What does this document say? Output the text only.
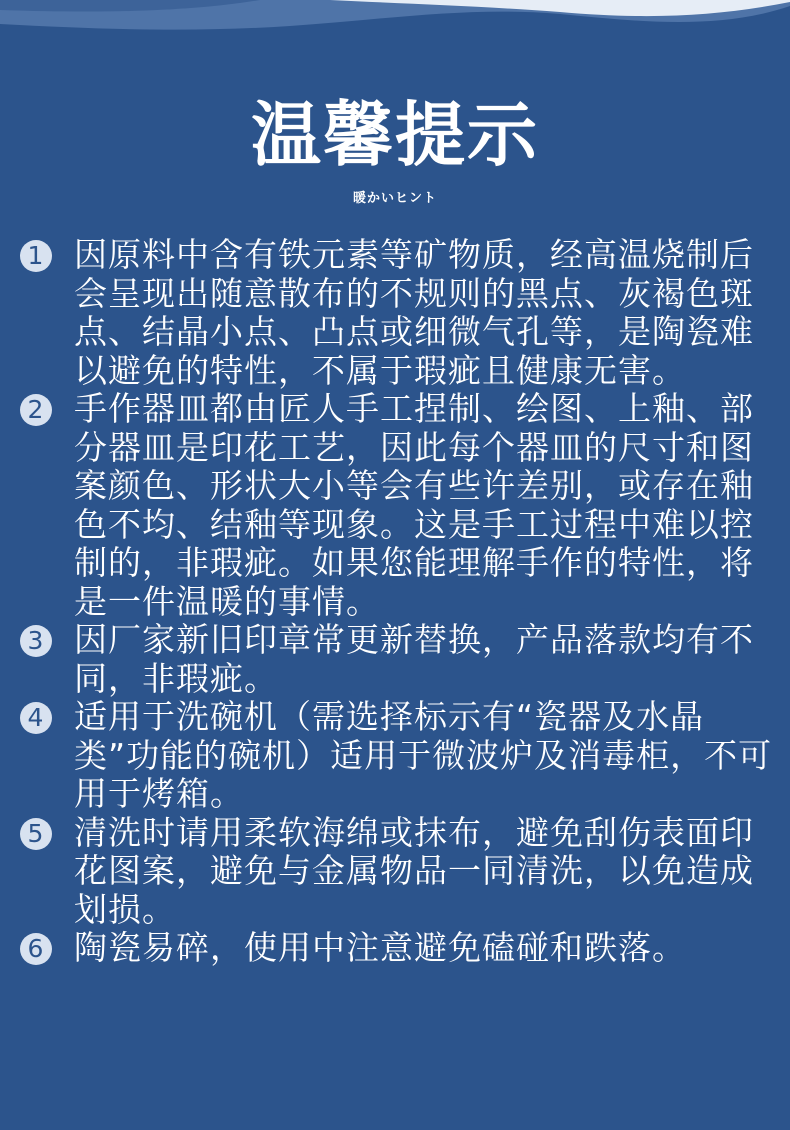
温馨提示
暖かいヒント
1 因原料中含有铁元素等矿物质，经高温烧制后会呈现出随意散布的不规则的黑点、灰褐色斑点、结晶小点、凸点或细微气孔等，是陶瓷难以避免的特性，不属于瑕疵且健康无害。
2 手作器皿都由匠人手工捏制、绘图、上釉、部分器皿是印花工艺，因此每个器皿的尺寸和图案颜色、形状大小等会有些许差别，或存在釉色不均、结釉等现象。这是手工过程中难以控制的，非瑕疵。如果您能理解手作的特性，将是一件温暖的事情。
3 因厂家新旧印章常更新替换，产品落款均有不同，非瑕疵。
4 适用于洗碗机（需选择标示有“瓷器及水晶类”功能的碗机）适用于微波炉及消毒柜，不可用于烤箱。
5 清洗时请用柔软海绵或抹布，避免刮伤表面印花图案，避免与金属物品一同清洗，以免造成划损。
6 陶瓷易碎，使用中注意避免磕碰和跌落。
